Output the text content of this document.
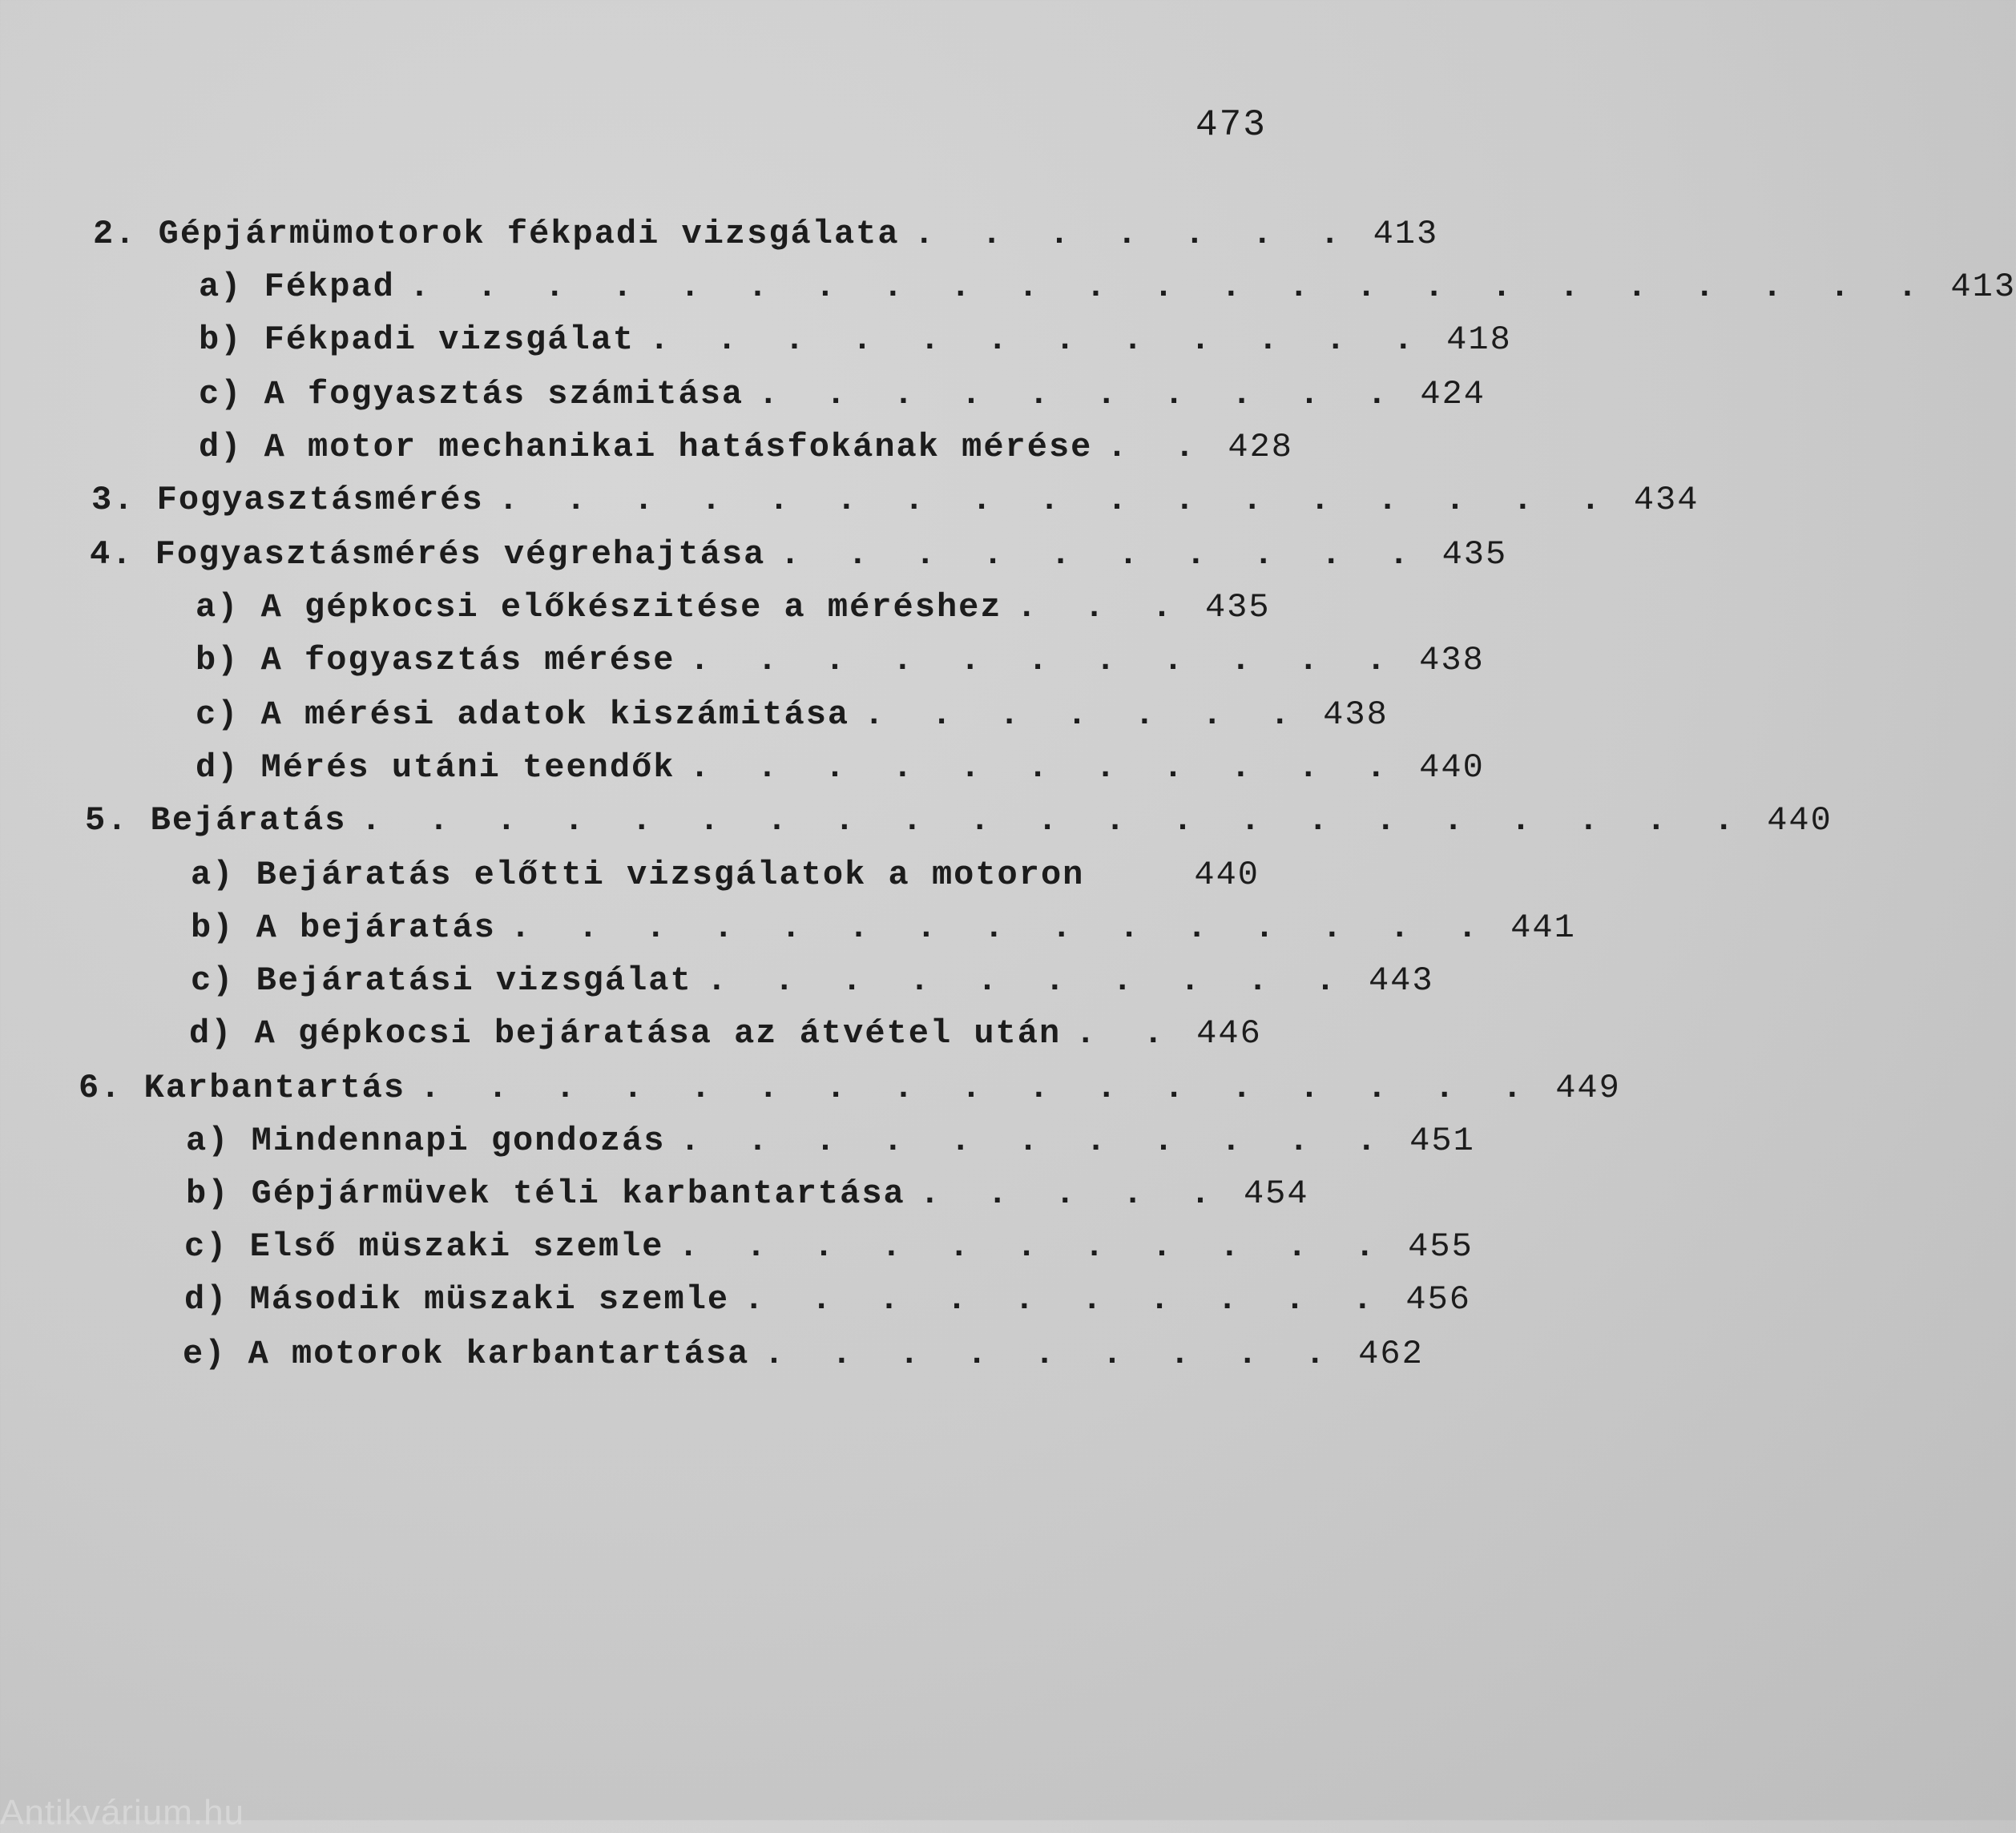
473
2. Gépjármümotorok fékpadi vizsgálata . . . . . . . 413
a) Fékpad . . . . . . . . . . . . . . . . . . . . . . . 413
b) Fékpadi vizsgálat . . . . . . . . . . . . 418
c) A fogyasztás számitása . . . . . . . . . . 424
d) A motor mechanikai hatásfokának mérése . . 428
3. Fogyasztásmérés . . . . . . . . . . . . . . . . . 434
4. Fogyasztásmérés végrehajtása . . . . . . . . . . 435
a) A gépkocsi előkészitése a méréshez . . . 435
b) A fogyasztás mérése . . . . . . . . . . . 438
c) A mérési adatok kiszámitása . . . . . . . 438
d) Mérés utáni teendők . . . . . . . . . . . 440
5. Bejáratás . . . . . . . . . . . . . . . . . . . . . 440
a) Bejáratás előtti vizsgálatok a motoron	440
b) A bejáratás . . . . . . . . . . . . . . . 441
c) Bejáratási vizsgálat . . . . . . . . . . 443
d) A gépkocsi bejáratása az átvétel után . . 446
6. Karbantartás . . . . . . . . . . . . . . . . . 449
a) Mindennapi gondozás . . . . . . . . . . . 451
b) Gépjármüvek téli karbantartása . . . . . 454
c) Első müszaki szemle . . . . . . . . . . . 455
d) Második müszaki szemle . . . . . . . . . . 456
e) A motorok karbantartása . . . . . . . . . 462
Antikvárium.hu
